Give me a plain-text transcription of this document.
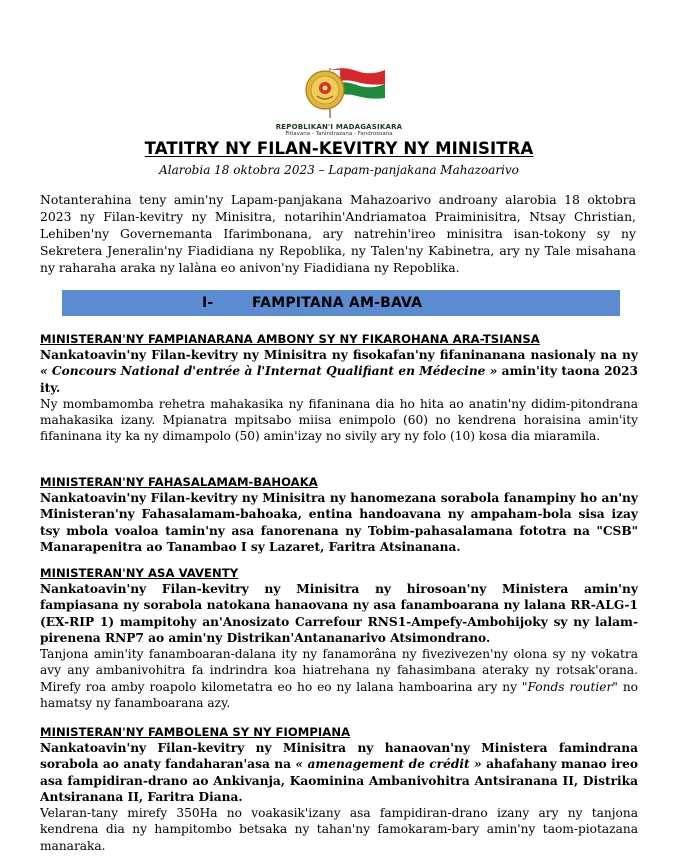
REPOBLIKAN'I MADAGASIKARA
Fitiavana - Tanindrazana - Fandrosoana
TATITRY NY FILAN-KEVITRY NY MINISITRA
Alarobia 18 oktobra 2023 – Lapam-panjakana Mahazoarivo
Notanterahina teny amin'ny Lapam-panjakana Mahazoarivo androany alarobia 18 oktobra 2023 ny Filan-kevitry ny Minisitra, notarihin'Andriamatoa Praiminisitra, Ntsay Christian, Lehiben'ny Governemanta Ifarimbonana, ary natrehin'ireo minisitra isan-tokony sy ny Sekretera Jeneralin'ny Fiadidiana ny Repoblika, ny Talen'ny Kabinetra, ary ny Tale misahana ny raharaha araka ny lalàna eo anivon'ny Fiadidiana ny Repoblika.
I-	FAMPITANA AM-BAVA
MINISTERAN'NY FAMPIANARANA AMBONY SY NY FIKAROHANA ARA-TSIANSA
Nankatoavin'ny Filan-kevitry ny Minisitra ny fisokafan'ny fifaninanana nasionaly na ny « Concours National d'entrée à l'Internat Qualifiant en Médecine » amin'ity taona 2023 ity.
Ny mombamomba rehetra mahakasika ny fifaninana dia ho hita ao anatin'ny didim-pitondrana mahakasika izany. Mpianatra mpitsabo miisa enimpolo (60) no kendrena horaisina amin'ity fifaninana ity ka ny dimampolo (50) amin'izay no sivily ary ny folo (10) kosa dia miaramila.
MINISTERAN'NY FAHASALAMAM-BAHOAKA
Nankatoavin'ny Filan-kevitry ny Minisitra ny hanomezana sorabola fanampiny ho an'ny Ministeran'ny Fahasalamam-bahoaka, entina handoavana ny ampaham-bola sisa izay tsy mbola voaloa tamin'ny asa fanorenana ny Tobim-pahasalamana fototra na "CSB" Manarapenitra ao Tanambao I sy Lazaret, Faritra Atsinanana.
MINISTERAN'NY ASA VAVENTY
Nankatoavin'ny Filan-kevitry ny Minisitra ny hirosoan'ny Ministera amin'ny fampiasana ny sorabola natokana hanaovana ny asa fanamboarana ny lalana RR-ALG-1 (EX-RIP 1) mampitohy an'Anosizato Carrefour RNS1-Ampefy-Ambohijoky sy ny lalam-pirenena RNP7 ao amin'ny Distrikan'Antananarivo Atsimondrano.
Tanjona amin'ity fanamboaran-dalana ity ny fanamorâna ny fivezivezen'ny olona sy ny vokatra avy any ambanivohitra fa indrindra koa hiatrehana ny fahasimbana ateraky ny rotsak'orana. Mirefy roa amby roapolo kilometatra eo ho eo ny lalana hamboarina ary ny "Fonds routier" no hamatsy ny fanamboarana azy.
MINISTERAN'NY FAMBOLENA SY NY FIOMPIANA
Nankatoavin'ny Filan-kevitry ny Minisitra ny hanaovan'ny Ministera famindrana sorabola ao anaty fandaharan'asa na « amenagement de crédit » ahafahany manao ireo asa fampidiran-drano ao Ankivanja, Kaominina Ambanivohitra Antsiranana II, Distrika Antsiranana II, Faritra Diana.
Velaran-tany mirefy 350Ha no voakasik'izany asa fampidiran-drano izany ary ny tanjona kendrena dia ny hampitombo betsaka ny tahan'ny famokaram-bary amin'ny taom-piotazana manaraka.
